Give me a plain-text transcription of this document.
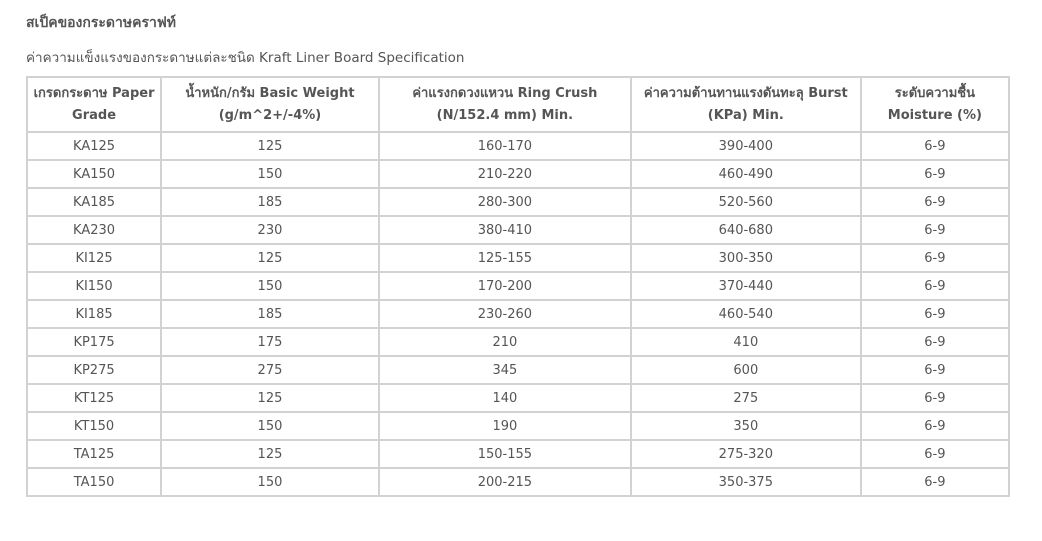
สเป็คของกระดาษคราฟท์
ค่าความแข็งแรงของกระดาษแต่ละชนิด Kraft Liner Board Specification
เกรดกระดาษ Paper Grade	น้ำหนัก/กรัม Basic Weight (g/m^2+/-4%)	ค่าแรงกดวงแหวน Ring Crush (N/152.4 mm) Min.	ค่าความต้านทานแรงดันทะลุ Burst (KPa) Min.	ระดับความชื้น Moisture (%)
KA125	125	160-170	390-400	6-9
KA150	150	210-220	460-490	6-9
KA185	185	280-300	520-560	6-9
KA230	230	380-410	640-680	6-9
KI125	125	125-155	300-350	6-9
KI150	150	170-200	370-440	6-9
KI185	185	230-260	460-540	6-9
KP175	175	210	410	6-9
KP275	275	345	600	6-9
KT125	125	140	275	6-9
KT150	150	190	350	6-9
TA125	125	150-155	275-320	6-9
TA150	150	200-215	350-375	6-9
